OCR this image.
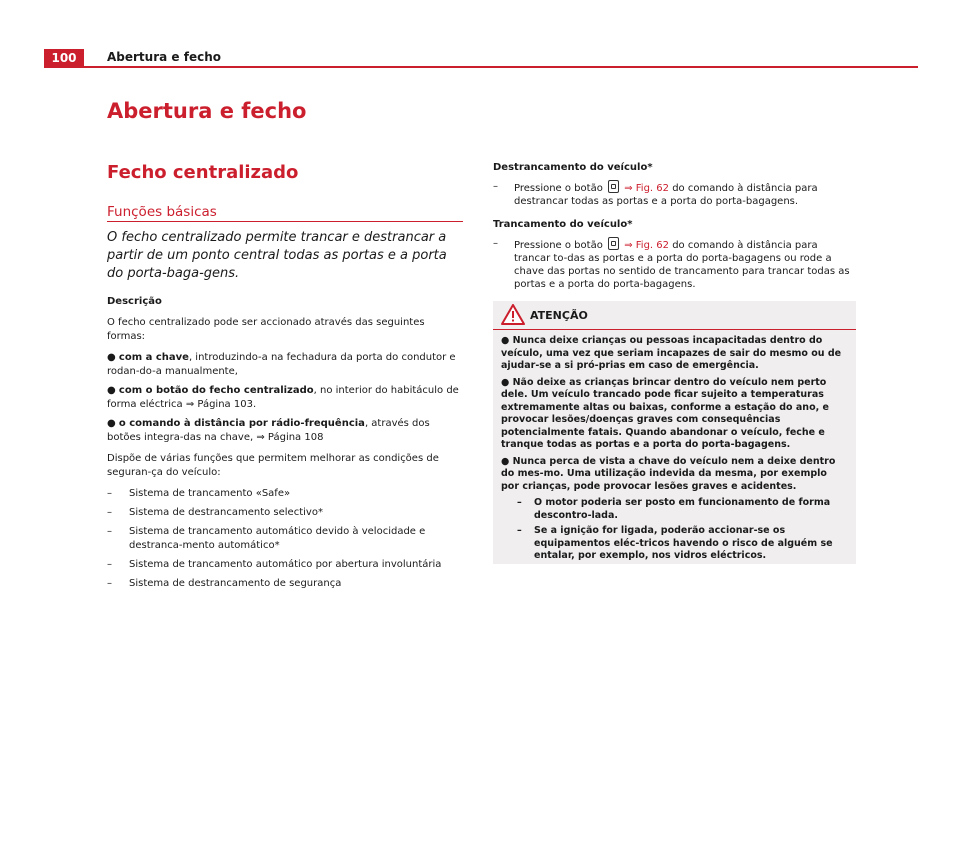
100	Abertura e fecho
Abertura e fecho
Fecho centralizado
Funções básicas

O fecho centralizado permite trancar e destrancar a partir de um ponto central todas as portas e a porta do porta-baga-gens.

Descrição

O fecho centralizado pode ser accionado através das seguintes formas:

● com a chave, introduzindo-a na fechadura da porta do condutor e rodan-do-a manualmente,

● com o botão do fecho centralizado, no interior do habitáculo de forma eléctrica ⇒ Página 103.

● o comando à distância por rádio-frequência, através dos botões integra-das na chave, ⇒ Página 108

Dispõe de várias funções que permitem melhorar as condições de seguran-ça do veículo:

– Sistema de trancamento «Safe»
– Sistema de destrancamento selectivo*
– Sistema de trancamento automático devido à velocidade e destranca-mento automático*
– Sistema de trancamento automático por abertura involuntária
– Sistema de destrancamento de segurança

Destrancamento do veículo*

– Pressione o botão ⇒ Fig. 62 do comando à distância para destrancar todas as portas e a porta do porta-bagagens.

Trancamento do veículo*

– Pressione o botão ⇒ Fig. 62 do comando à distância para trancar to-das as portas e a porta do porta-bagagens ou rode a chave das portas no sentido de trancamento para trancar todas as portas e a porta do porta-bagagens.
ATENÇÃO

● Nunca deixe crianças ou pessoas incapacitadas dentro do veículo, uma vez que seriam incapazes de sair do mesmo ou de ajudar-se a si pró-prias em caso de emergência.

● Não deixe as crianças brincar dentro do veículo nem perto dele. Um veículo trancado pode ficar sujeito a temperaturas extremamente altas ou baixas, conforme a estação do ano, e provocar lesões/doenças graves com consequências potencialmente fatais. Quando abandonar o veículo, feche e tranque todas as portas e a porta do porta-bagagens.

● Nunca perca de vista a chave do veículo nem a deixe dentro do mes-mo. Uma utilização indevida da mesma, por exemplo por crianças, pode provocar lesões graves e acidentes.

– O motor poderia ser posto em funcionamento de forma descontro-lada.
– Se a ignição for ligada, poderão accionar-se os equipamentos eléc-tricos havendo o risco de alguém se entalar, por exemplo, nos vidros eléctricos.
